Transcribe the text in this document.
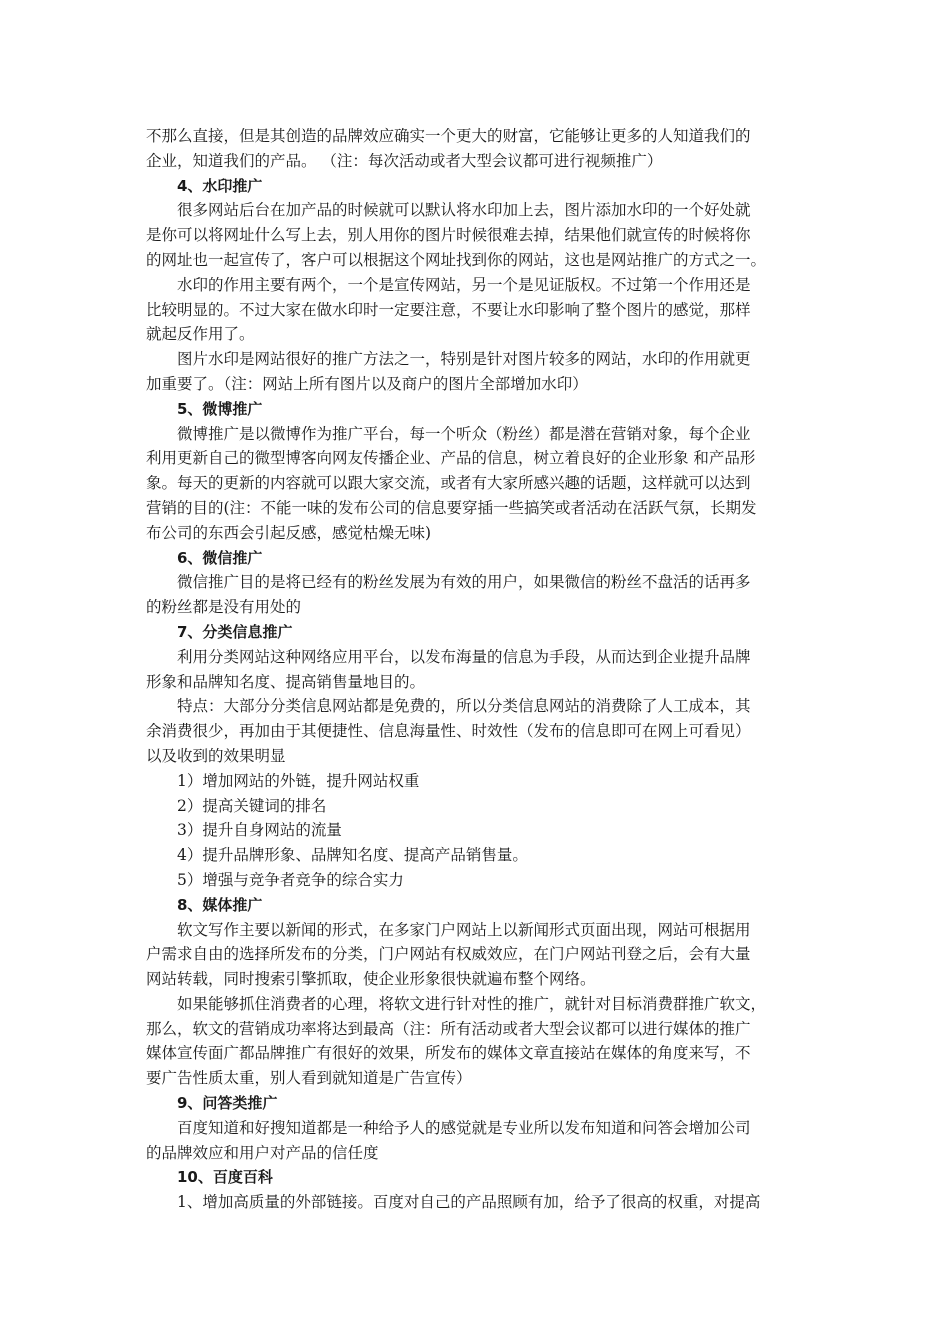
不那么直接，但是其创造的品牌效应确实一个更大的财富，它能够让更多的人知道我们的
企业，知道我们的产品。 （注：每次活动或者大型会议都可进行视频推广）
4、水印推广
很多网站后台在加产品的时候就可以默认将水印加上去，图片添加水印的一个好处就
是你可以将网址什么写上去，别人用你的图片时候很难去掉，结果他们就宣传的时候将你
的网址也一起宣传了，客户可以根据这个网址找到你的网站，这也是网站推广的方式之一。
水印的作用主要有两个，一个是宣传网站，另一个是见证版权。不过第一个作用还是
比较明显的。不过大家在做水印时一定要注意，不要让水印影响了整个图片的感觉，那样
就起反作用了。
图片水印是网站很好的推广方法之一，特别是针对图片较多的网站，水印的作用就更
加重要了。（注：网站上所有图片以及商户的图片全部增加水印）
5、微博推广
微博推广是以微博作为推广平台，每一个听众（粉丝）都是潜在营销对象，每个企业
利用更新自己的微型博客向网友传播企业、产品的信息，树立着良好的企业形象 和产品形
象。每天的更新的内容就可以跟大家交流，或者有大家所感兴趣的话题，这样就可以达到
营销的目的(注：不能一味的发布公司的信息要穿插一些搞笑或者活动在活跃气氛，长期发
布公司的东西会引起反感，感觉枯燥无味)
6、微信推广
微信推广目的是将已经有的粉丝发展为有效的用户，如果微信的粉丝不盘活的话再多
的粉丝都是没有用处的
7、分类信息推广
利用分类网站这种网络应用平台，以发布海量的信息为手段，从而达到企业提升品牌
形象和品牌知名度、提高销售量地目的。
特点：大部分分类信息网站都是免费的，所以分类信息网站的消费除了人工成本，其
余消费很少，再加由于其便捷性、信息海量性、时效性（发布的信息即可在网上可看见）
以及收到的效果明显
1）增加网站的外链，提升网站权重
2）提高关键词的排名
3）提升自身网站的流量
4）提升品牌形象、品牌知名度、提高产品销售量。
5）增强与竞争者竞争的综合实力
8、媒体推广
软文写作主要以新闻的形式，在多家门户网站上以新闻形式页面出现，网站可根据用
户需求自由的选择所发布的分类，门户网站有权威效应，在门户网站刊登之后，会有大量
网站转载，同时搜索引擎抓取，使企业形象很快就遍布整个网络。
如果能够抓住消费者的心理，将软文进行针对性的推广，就针对目标消费群推广软文，
那么，软文的营销成功率将达到最高（注：所有活动或者大型会议都可以进行媒体的推广
媒体宣传面广都品牌推广有很好的效果，所发布的媒体文章直接站在媒体的角度来写，不
要广告性质太重，别人看到就知道是广告宣传）
9、问答类推广
百度知道和好搜知道都是一种给予人的感觉就是专业所以发布知道和问答会增加公司
的品牌效应和用户对产品的信任度
10、百度百科
1、增加高质量的外部链接。百度对自己的产品照顾有加，给予了很高的权重，对提高
